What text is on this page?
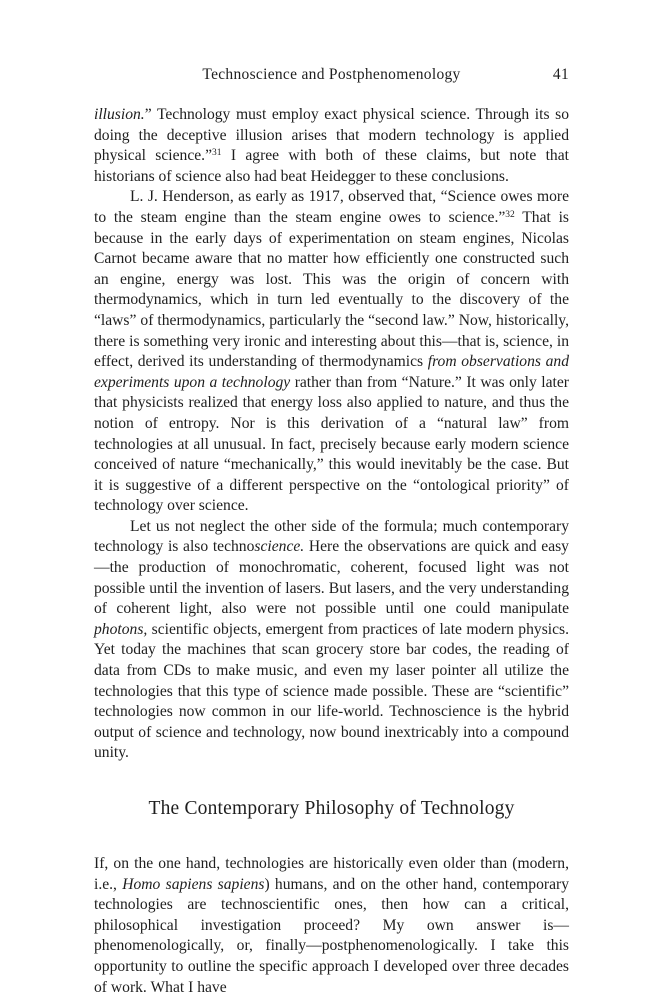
Technoscience and Postphenomenology	41

illusion.” Technology must employ exact physical science. Through its so doing the deceptive illusion arises that modern technology is applied physical science.”$^{31}$ I agree with both of these claims, but note that historians of science also had beat Heidegger to these conclusions.

L. J. Henderson, as early as 1917, observed that, “Science owes more to the steam engine than the steam engine owes to science.”$^{32}$ That is because in the early days of experimentation on steam engines, Nicolas Carnot became aware that no matter how efficiently one constructed such an engine, energy was lost. This was the origin of concern with thermodynamics, which in turn led eventually to the discovery of the “laws” of thermodynamics, particularly the “second law.” Now, historically, there is something very ironic and interesting about this—that is, science, in effect, derived its understanding of thermodynamics from observations and experiments upon a technology rather than from “Nature.” It was only later that physicists realized that energy loss also applied to nature, and thus the notion of entropy. Nor is this derivation of a “natural law” from technologies at all unusual. In fact, precisely because early modern science conceived of nature “mechanically,” this would inevitably be the case. But it is suggestive of a different perspective on the “ontological priority” of technology over science.

Let us not neglect the other side of the formula; much contemporary technology is also technoscience. Here the observations are quick and easy—the production of monochromatic, coherent, focused light was not possible until the invention of lasers. But lasers, and the very understanding of coherent light, also were not possible until one could manipulate photons, scientific objects, emergent from practices of late modern physics. Yet today the machines that scan grocery store bar codes, the reading of data from CDs to make music, and even my laser pointer all utilize the technologies that this type of science made possible. These are “scientific” technologies now common in our life-world. Technoscience is the hybrid output of science and technology, now bound inextricably into a compound unity.

The Contemporary Philosophy of Technology

If, on the one hand, technologies are historically even older than (modern, i.e., Homo sapiens sapiens) humans, and on the other hand, contemporary technologies are technoscientific ones, then how can a critical, philosophical investigation proceed? My own answer is—phenomenologically, or, finally—postphenomenologically. I take this opportunity to outline the specific approach I developed over three decades of work. What I have
